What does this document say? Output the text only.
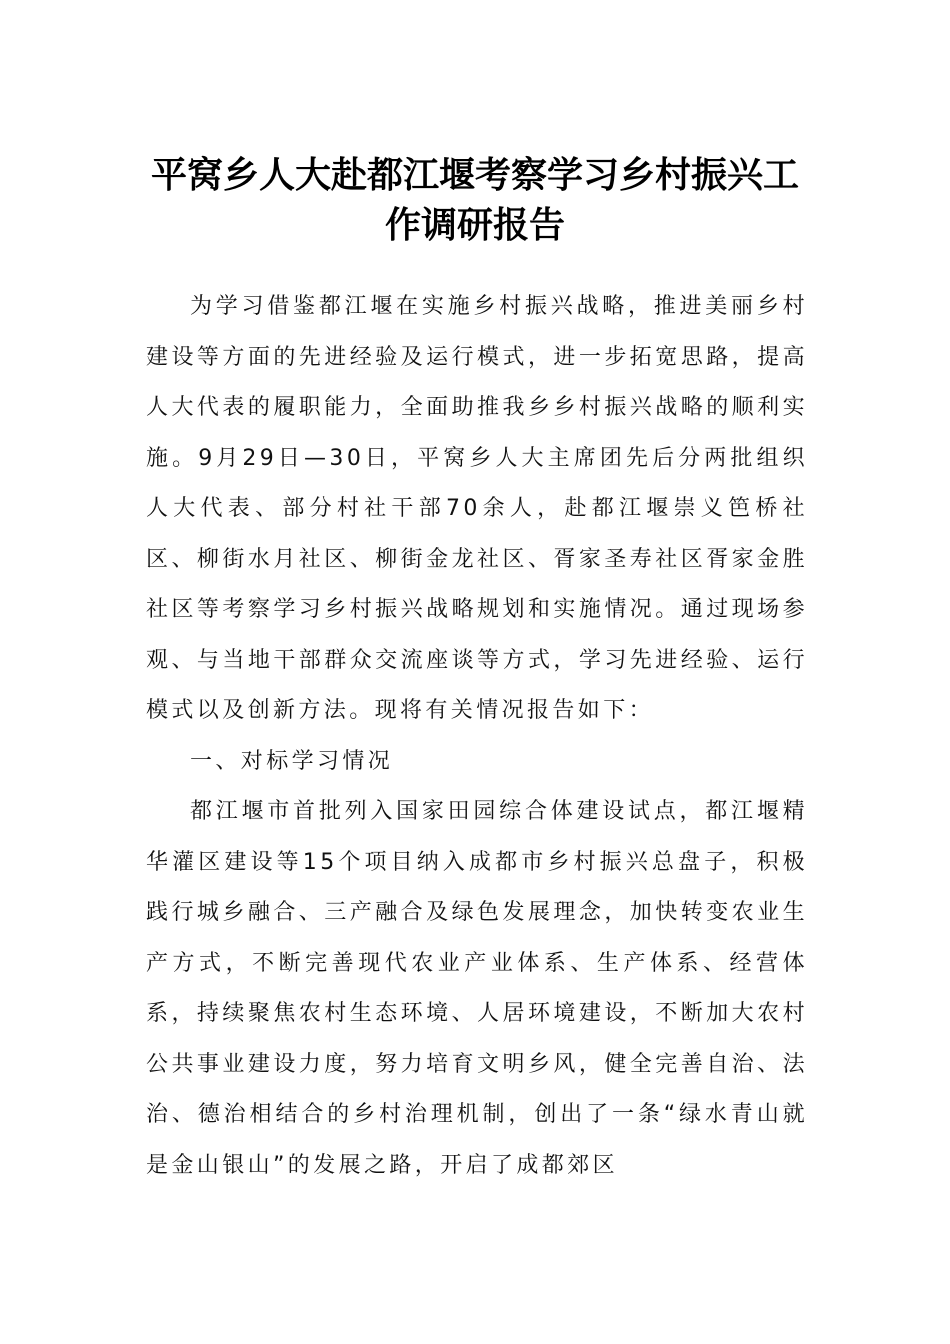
平窝乡人大赴都江堰考察学习乡村振兴工作调研报告

为学习借鉴都江堰在实施乡村振兴战略，推进美丽乡村建设等方面的先进经验及运行模式，进一步拓宽思路，提高人大代表的履职能力，全面助推我乡乡村振兴战略的顺利实施。9月29日—30日，平窝乡人大主席团先后分两批组织人大代表、部分村社干部70余人，赴都江堰崇义笆桥社区、柳街水月社区、柳街金龙社区、胥家圣寿社区胥家金胜社区等考察学习乡村振兴战略规划和实施情况。通过现场参观、与当地干部群众交流座谈等方式，学习先进经验、运行模式以及创新方法。现将有关情况报告如下：

一、对标学习情况

都江堰市首批列入国家田园综合体建设试点，都江堰精华灌区建设等15个项目纳入成都市乡村振兴总盘子，积极践行城乡融合、三产融合及绿色发展理念，加快转变农业生产方式，不断完善现代农业产业体系、生产体系、经营体系，持续聚焦农村生态环境、人居环境建设，不断加大农村公共事业建设力度，努力培育文明乡风，健全完善自治、法治、德治相结合的乡村治理机制，创出了一条“绿水青山就是金山银山”的发展之路，开启了成都郊区
